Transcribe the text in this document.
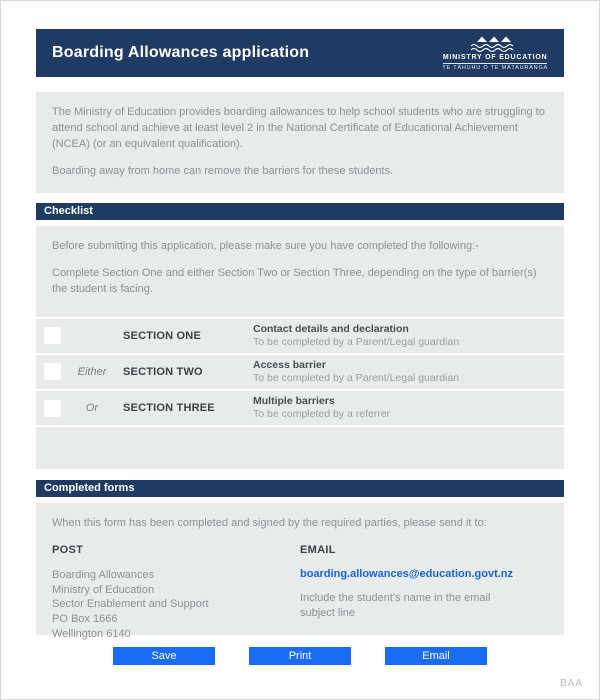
Boarding Allowances application	MINISTRY OF EDUCATION
TE TĀHUHU O TE MĀTAURANGA

The Ministry of Education provides boarding allowances to help school students who are struggling to attend school and achieve at least level 2 in the National Certificate of Educational Achievement (NCEA) (or an equivalent qualification).

Boarding away from home can remove the barriers for these students.

Checklist

Before submitting this application, please make sure you have completed the following:-

Complete Section One and either Section Two or Section Three, depending on the type of barrier(s) the student is facing.

SECTION ONE
Contact details and declaration
To be completed by a Parent/Legal guardian
Either	SECTION TWO
Access barrier
To be completed by a Parent/Legal guardian
Or	SECTION THREE
Multiple barriers
To be completed by a referrer
Completed forms

When this form has been completed and signed by the required parties, please send it to:

POST
Boarding Allowances
Ministry of Education
Sector Enablement and Support
PO Box 1666
Wellington 6140
EMAIL
boarding.allowances@education.govt.nz

Include the student's name in the email subject line

Save	Print	Email
BAA
